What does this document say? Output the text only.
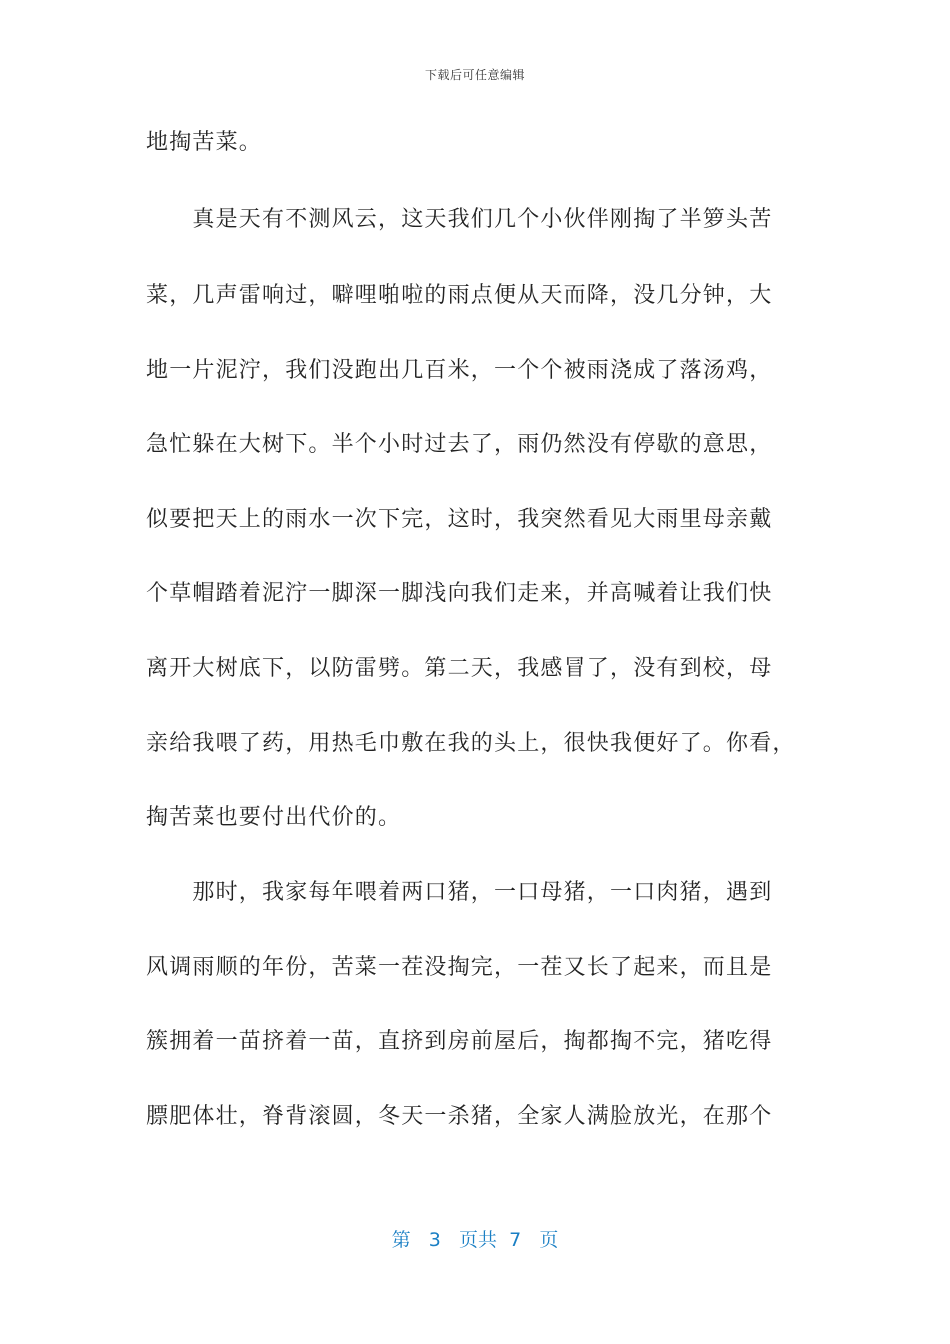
下载后可任意编辑
地掏苦菜。
　　真是天有不测风云，这天我们几个小伙伴刚掏了半箩头苦
菜，几声雷响过，噼哩啪啦的雨点便从天而降，没几分钟，大
地一片泥泞，我们没跑出几百米，一个个被雨浇成了落汤鸡，
急忙躲在大树下。半个小时过去了，雨仍然没有停歇的意思，
似要把天上的雨水一次下完，这时，我突然看见大雨里母亲戴
个草帽踏着泥泞一脚深一脚浅向我们走来，并高喊着让我们快
离开大树底下，以防雷劈。第二天，我感冒了，没有到校，母
亲给我喂了药，用热毛巾敷在我的头上，很快我便好了。你看，
掏苦菜也要付出代价的。
　　那时，我家每年喂着两口猪，一口母猪，一口肉猪，遇到
风调雨顺的年份，苦菜一茬没掏完，一茬又长了起来，而且是
簇拥着一苗挤着一苗，直挤到房前屋后，掏都掏不完，猪吃得
膘肥体壮，脊背滚圆，冬天一杀猪，全家人满脸放光，在那个
第 3 页共 7 页
